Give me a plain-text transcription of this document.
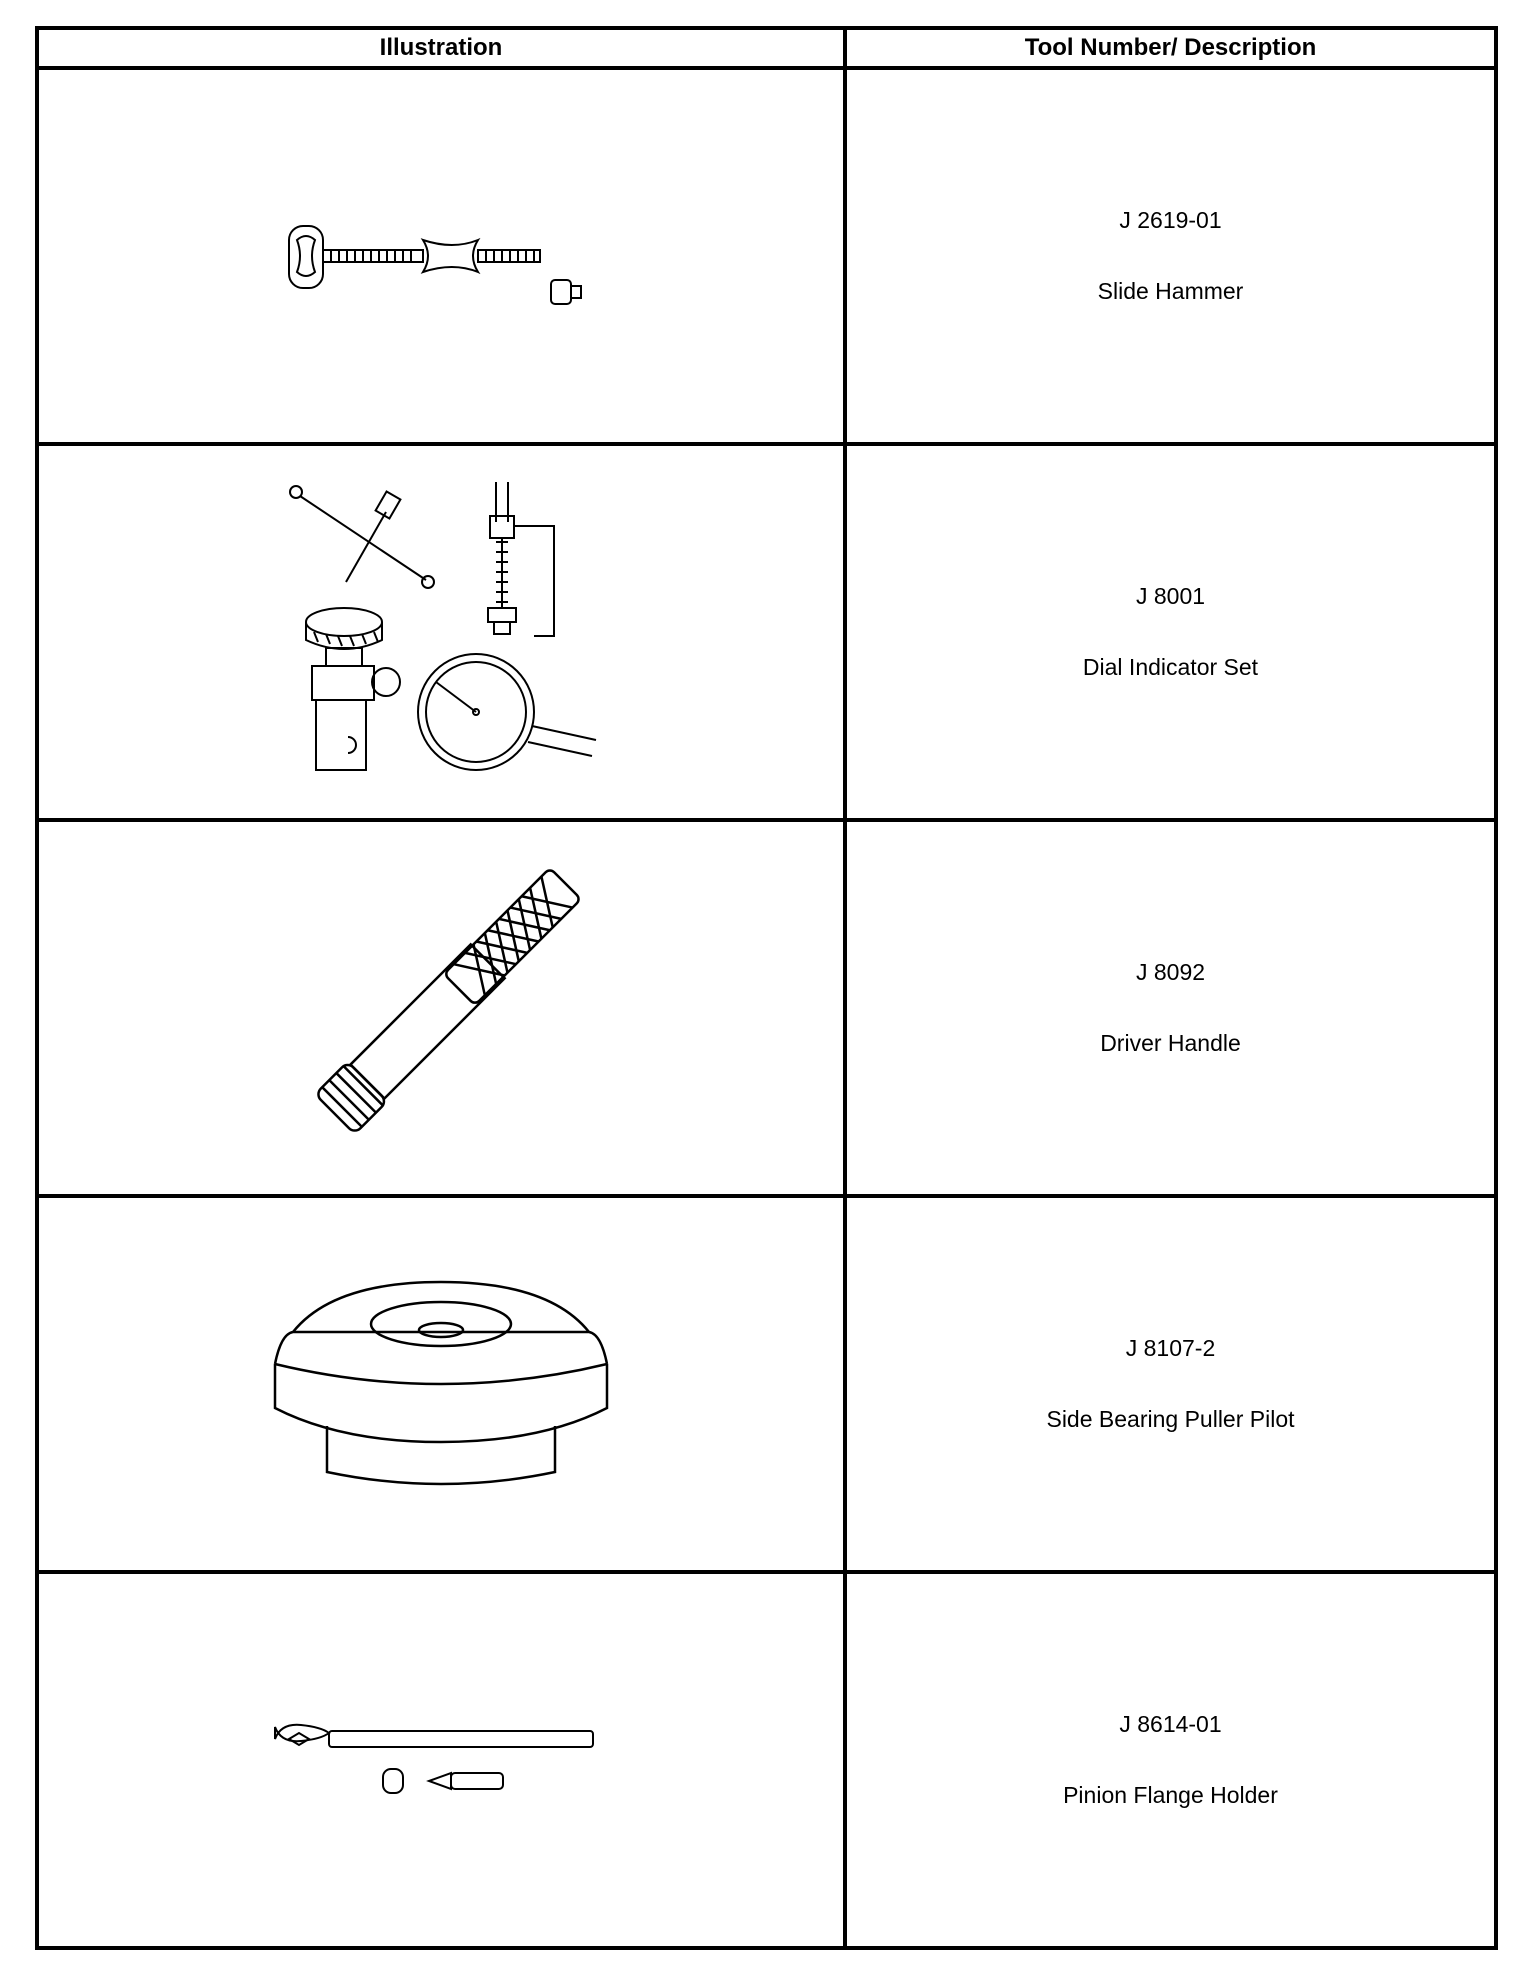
Illustration	Tool Number/ Description

J 2619-01
Slide Hammer

J 8001
Dial Indicator Set

J 8092
Driver Handle

J 8107-2
Side Bearing Puller Pilot

J 8614-01
Pinion Flange Holder
